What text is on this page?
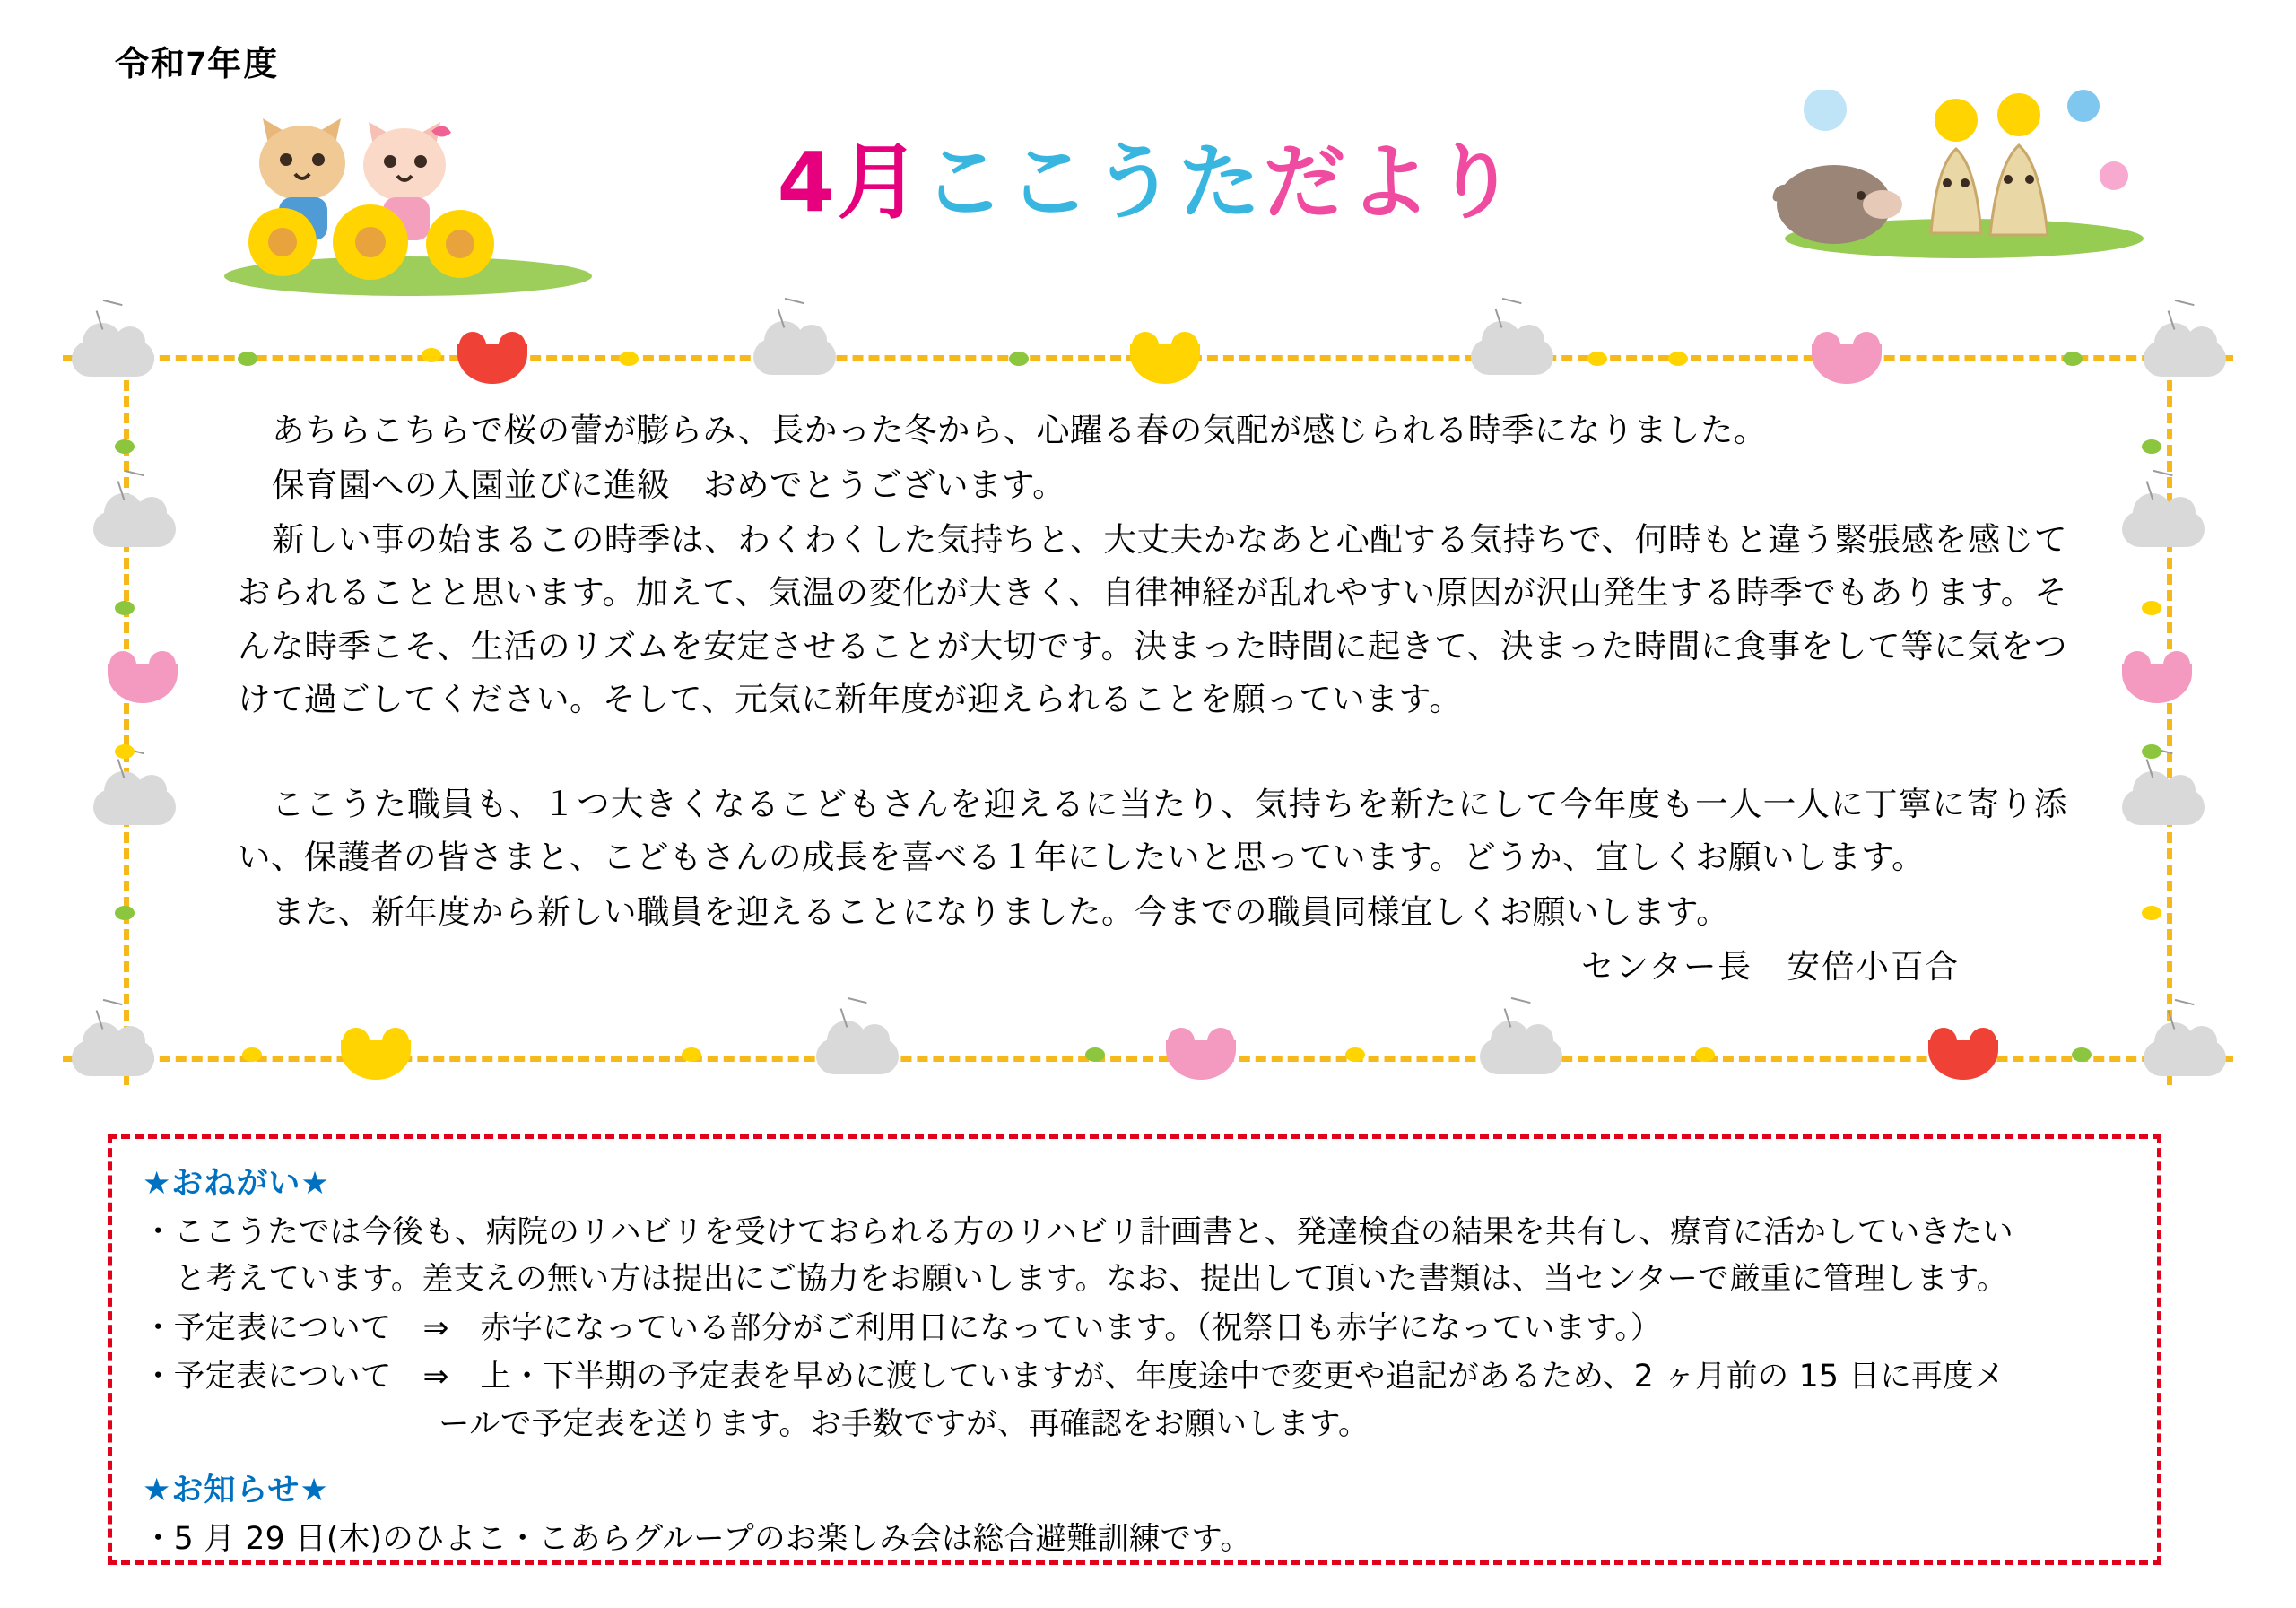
令和7年度
4月ここうただより

あちらこちらで桜の蕾が膨らみ、長かった冬から、心躍る春の気配が感じられる時季になりました。

保育園への入園並びに進級　おめでとうございます。

新しい事の始まるこの時季は、わくわくした気持ちと、大丈夫かなあと心配する気持ちで、何時もと違う緊張感を感じておられることと思います。加えて、気温の変化が大きく、自律神経が乱れやすい原因が沢山発生する時季でもあります。そんな時季こそ、生活のリズムを安定させることが大切です。決まった時間に起きて、決まった時間に食事をして等に気をつけて過ごしてください。そして、元気に新年度が迎えられることを願っています。

ここうた職員も、１つ大きくなるこどもさんを迎えるに当たり、気持ちを新たにして今年度も一人一人に丁寧に寄り添い、保護者の皆さまと、こどもさんの成長を喜べる１年にしたいと思っています。どうか、宜しくお願いします。

また、新年度から新しい職員を迎えることになりました。今までの職員同様宜しくお願いします。

センター長　安倍小百合

★おねがい★

・ここうたでは今後も、病院のリハビリを受けておられる方のリハビリ計画書と、発達検査の結果を共有し、療育に活かしていきたい
と考えています。差支えの無い方は提出にご協力をお願いします。なお、提出して頂いた書類は、当センターで厳重に管理します。

・予定表について　⇒　赤字になっている部分がご利用日になっています。（祝祭日も赤字になっています。）

・予定表について　⇒　上・下半期の予定表を早めに渡していますが、年度途中で変更や追記があるため、2 ヶ月前の 15 日に再度メ
ールで予定表を送ります。お手数ですが、再確認をお願いします。

★お知らせ★

・5 月 29 日(木)のひよこ・こあらグループのお楽しみ会は総合避難訓練です。
